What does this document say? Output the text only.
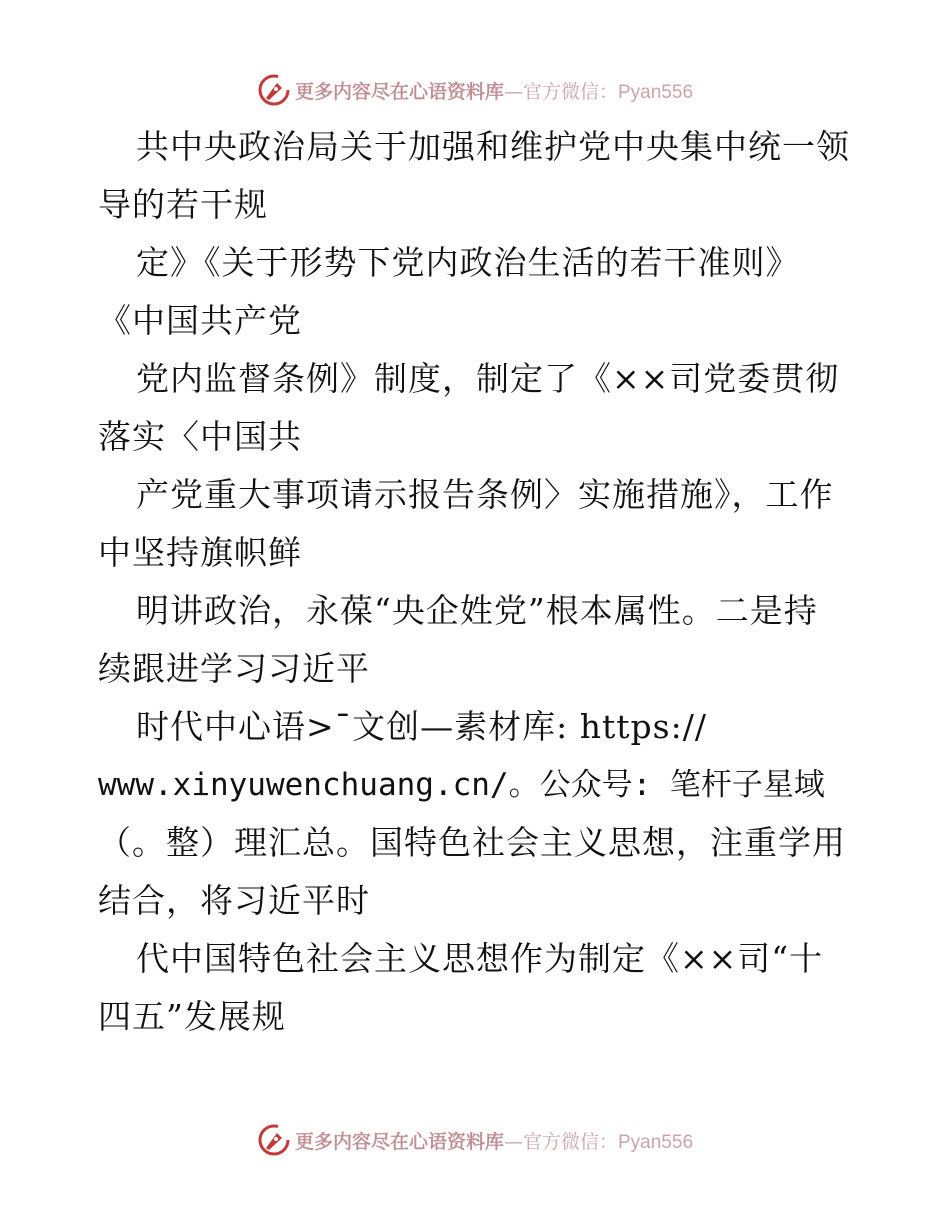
更多内容尽在心语资料库—官方微信：Pyan556
共中央政治局关于加强和维护党中央集中统一领
导的若干规
定》《关于形势下党内政治生活的若干准则》
《中国共产党
党内监督条例》制度，制定了《××司党委贯彻
落实〈中国共
产党重大事项请示报告条例〉实施措施》，工作
中坚持旗帜鲜
明讲政治，永葆“央企姓党”根本属性。二是持
续跟进学习习近平
时代中心语>¯文创—素材库: https://
www.xinyuwenchuang.cn/。公众号: 笔杆子星域
（。整）理汇总。国特色社会主义思想，注重学用
结合，将习近平时
代中国特色社会主义思想作为制定《××司“十
四五”发展规
更多内容尽在心语资料库—官方微信：Pyan556
